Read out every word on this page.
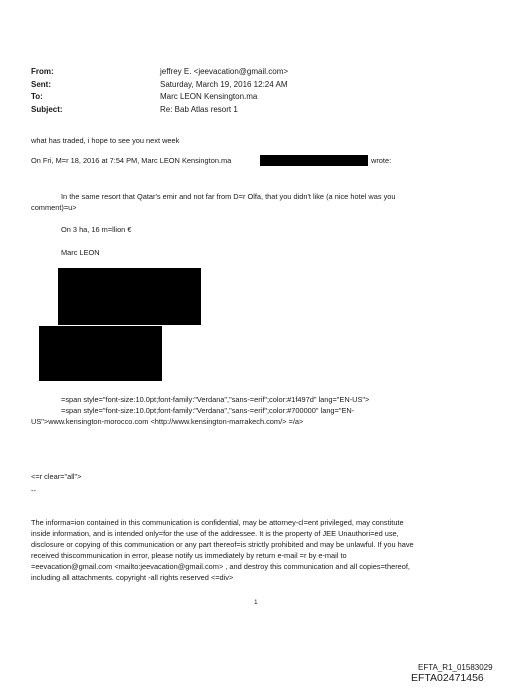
From:	jeffrey E. <jeevacation@gmail.com>
Sent:	Saturday, March 19, 2016 12:24 AM
To:	Marc LEON Kensington.ma
Subject:	Re: Bab Atlas resort 1
what has traded, i hope to see you next week
On Fri, M=r 18, 2016 at 7:54 PM, Marc LEON Kensington.ma	wrote:
In the same resort that Qatar's emir and not far from D=r Olfa, that you didn't like (a nice hotel was you
comment)=u>
On 3 ha, 16 m=llion €
Marc LEON
=span style="font-size:10.0pt;font-family:"Verdana","sans-=erif";color:#1f497d" lang="EN-US">
=span style="font-size:10.0pt;font-family:"Verdana","sans-=erif";color:#700000" lang="EN-
US">www.kensington-morocco.com <http://www.kensington-marrakech.com/> =/a>
<=r clear="all">
--
The informa=ion contained in this communication is confidential, may be attorney-cl=ent privileged, may constitute
inside information, and is intended only=for the use of the addressee. It is the property of JEE Unauthori=ed use,
disclosure or copying of this communication or any part thereof=is strictly prohibited and may be unlawful. If you have
received thiscommunication in error, please notify us immediately by return e-mail =r by e-mail to
=eevacation@gmail.com <mailto:jeevacation@gmail.com> , and destroy this communication and all copies=thereof,
including all attachments. copyright -all rights reserved <=div>
1
EFTA_R1_01583029
EFTA02471456
